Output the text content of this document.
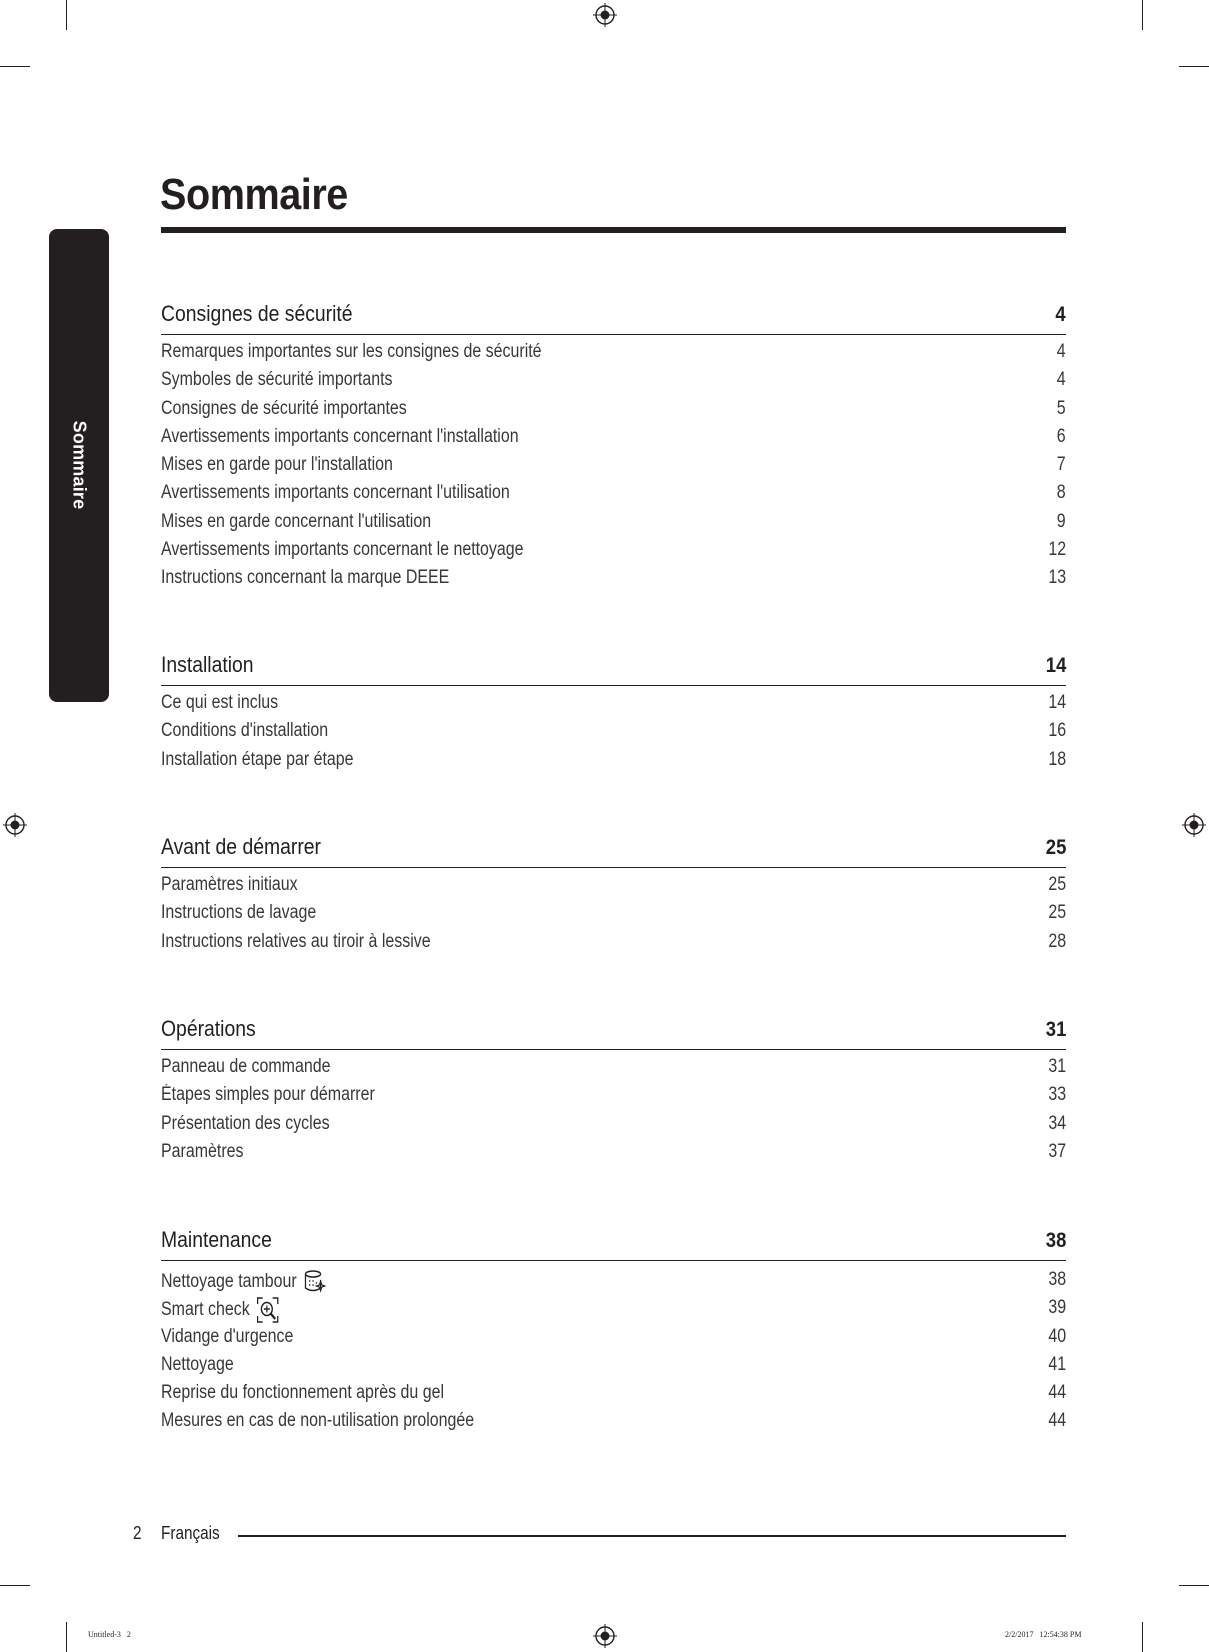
Sommaire
Sommaire
Consignes de sécurité	4
Remarques importantes sur les consignes de sécurité	4
Symboles de sécurité importants	4
Consignes de sécurité importantes	5
Avertissements importants concernant l'installation	6
Mises en garde pour l'installation	7
Avertissements importants concernant l'utilisation	8
Mises en garde concernant l'utilisation	9
Avertissements importants concernant le nettoyage	12
Instructions concernant la marque DEEE	13
Installation	14
Ce qui est inclus	14
Conditions d'installation	16
Installation étape par étape	18
Avant de démarrer	25
Paramètres initiaux	25
Instructions de lavage	25
Instructions relatives au tiroir à lessive	28
Opérations	31
Panneau de commande	31
Étapes simples pour démarrer	33
Présentation des cycles	34
Paramètres	37
Maintenance	38
Nettoyage tambour	38
Smart check	39
Vidange d'urgence	40
Nettoyage	41
Reprise du fonctionnement après du gel	44
Mesures en cas de non-utilisation prolongée	44
2 Français
Untitled-3   2	2/2/2017   12:54:38 PM
